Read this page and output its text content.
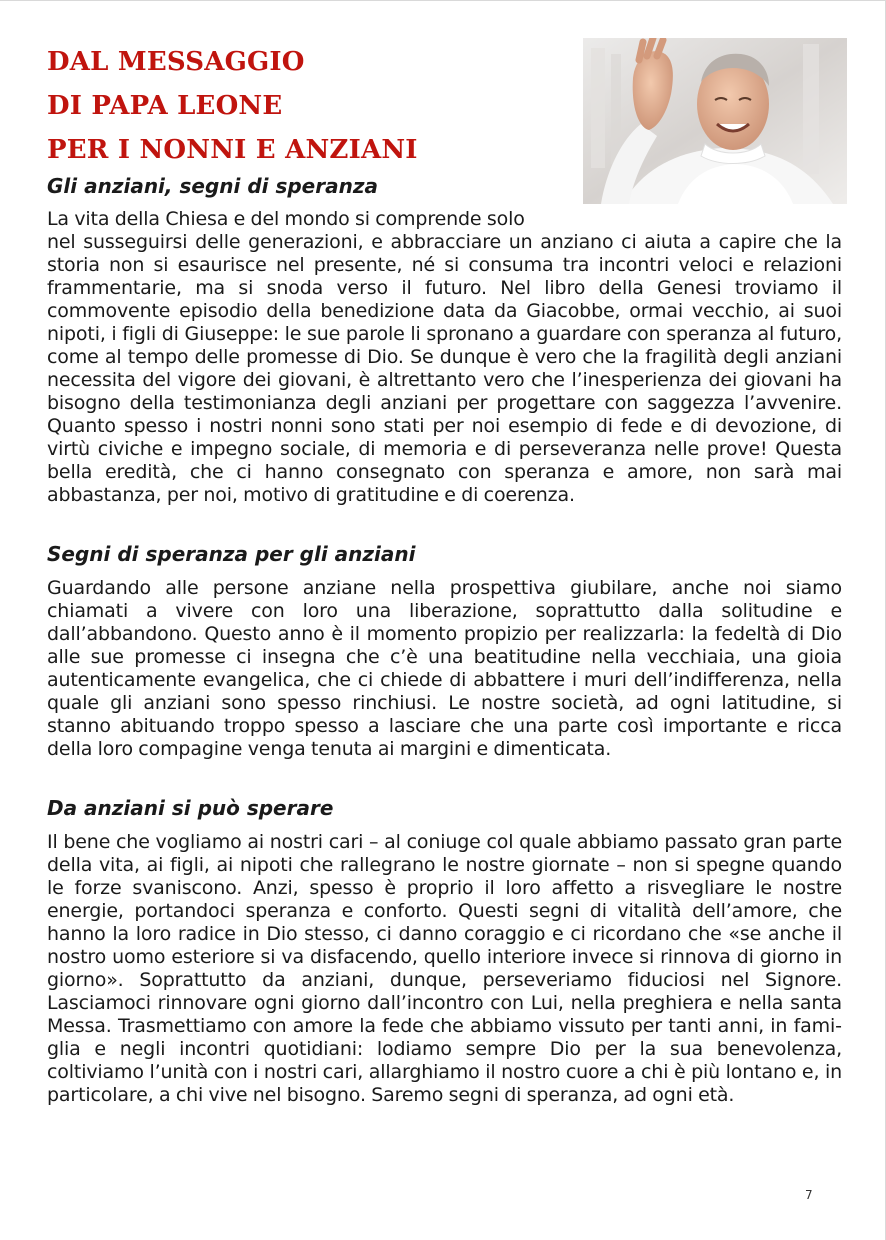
DAL MESSAGGIO
DI PAPA LEONE
PER I NONNI E ANZIANI
Gli anziani, segni di speranza

La vita della Chiesa e del mondo si comprende solo

nel susseguirsi delle generazioni, e abbracciare un anziano ci aiuta a capire che la storia non si esaurisce nel presente, né si consuma tra incontri veloci e relazioni frammentarie, ma si snoda verso il futuro. Nel libro della Genesi troviamo il commovente episodio della benedizione data da Giacobbe, ormai vecchio, ai suoi nipoti, i figli di Giuseppe: le sue parole li spronano a guardare con speranza al futuro, come al tempo delle promesse di Dio. Se dunque è vero che la fragilità degli anziani necessita del vigore dei giovani, è altrettanto vero che l’inesperienza dei giovani ha bisogno della testimonianza degli anziani per progettare con saggezza l’avvenire. Quanto spesso i nostri nonni sono stati per noi esempio di fede e di devozione, di virtù civiche e impegno sociale, di memoria e di perseveranza nelle prove! Questa bella eredità, che ci hanno consegnato con speranza e amore, non sarà mai abbastanza, per noi, motivo di gratitudine e di coerenza.

Segni di speranza per gli anziani

Guardando alle persone anziane nella prospettiva giubilare, anche noi siamo chiamati a vivere con loro una liberazione, soprattutto dalla solitudine e dall’abbandono. Questo anno è il momento propizio per realizzarla: la fedeltà di Dio alle sue promesse ci insegna che c’è una beatitudine nella vecchiaia, una gioia autenticamente evangelica, che ci chiede di abbattere i muri dell’indifferenza, nella quale gli anziani sono spesso rinchiusi. Le nostre società, ad ogni latitudine, si stanno abituando troppo spesso a lasciare che una parte così importante e ricca della loro compagine venga tenuta ai margini e dimenticata.

Da anziani si può sperare

Il bene che vogliamo ai nostri cari – al coniuge col quale abbiamo passato gran parte della vita, ai figli, ai nipoti che rallegrano le nostre giornate – non si spegne quando le forze svaniscono. Anzi, spesso è proprio il loro affetto a risvegliare le nostre energie, portandoci speranza e conforto. Questi segni di vitalità dell’amore, che hanno la loro radice in Dio stesso, ci danno coraggio e ci ricordano che «se anche il nostro uomo esteriore si va disfacendo, quello interiore invece si rinnova di giorno in giorno». Soprattutto da anziani, dunque, perseveriamo fiduciosi nel Signore. Lasciamoci rinnovare ogni giorno dall’incontro con Lui, nella preghiera e nella santa Messa. Trasmettiamo con amore la fede che abbiamo vissuto per tanti anni, in famiglia e negli incontri quotidiani: lodiamo sempre Dio per la sua benevolenza, coltiviamo l’unità con i nostri cari, allarghiamo il nostro cuore a chi è più lontano e, in particolare, a chi vive nel bisogno. Saremo segni di speranza, ad ogni età.

7
